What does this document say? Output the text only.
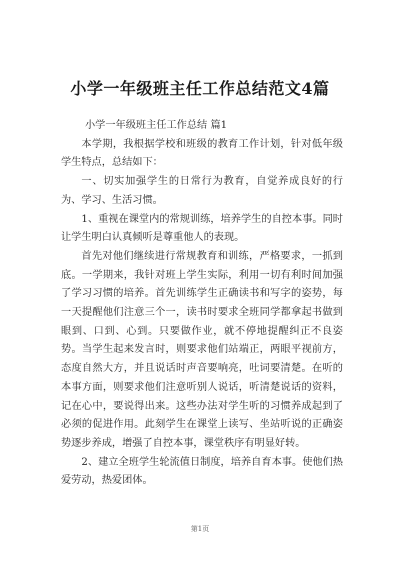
小学一年级班主任工作总结范文4篇

小学一年级班主任工作总结 篇1

本学期，我根据学校和班级的教育工作计划，针对低年级学生特点，总结如下：

一、切实加强学生的日常行为教育，自觉养成良好的行为、学习、生活习惯。

1、重视在课堂内的常规训练，培养学生的自控本事。同时让学生明白认真倾听是尊重他人的表现。

首先对他们继续进行常规教育和训练，严格要求，一抓到底。一学期来，我针对班上学生实际，利用一切有利时间加强了学习习惯的培养。首先训练学生正确读书和写字的姿势，每一天提醒他们注意三个一，读书时要求全班同学都拿起书做到眼到、口到、心到。只要做作业，就不停地提醒纠正不良姿势。当学生起来发言时，则要求他们站端正，两眼平视前方，态度自然大方，并且说话时声音要响亮，吐词要清楚。在听的本事方面，则要求他们注意听别人说话，听清楚说话的资料，记在心中，要说得出来。这些办法对学生听的习惯养成起到了必须的促进作用。此刻学生在课堂上读写、坐站听说的正确姿势逐步养成，增强了自控本事，课堂秩序有明显好转。

2、建立全班学生轮流值日制度，培养自育本事。使他们热爱劳动，热爱团体。

第1页
